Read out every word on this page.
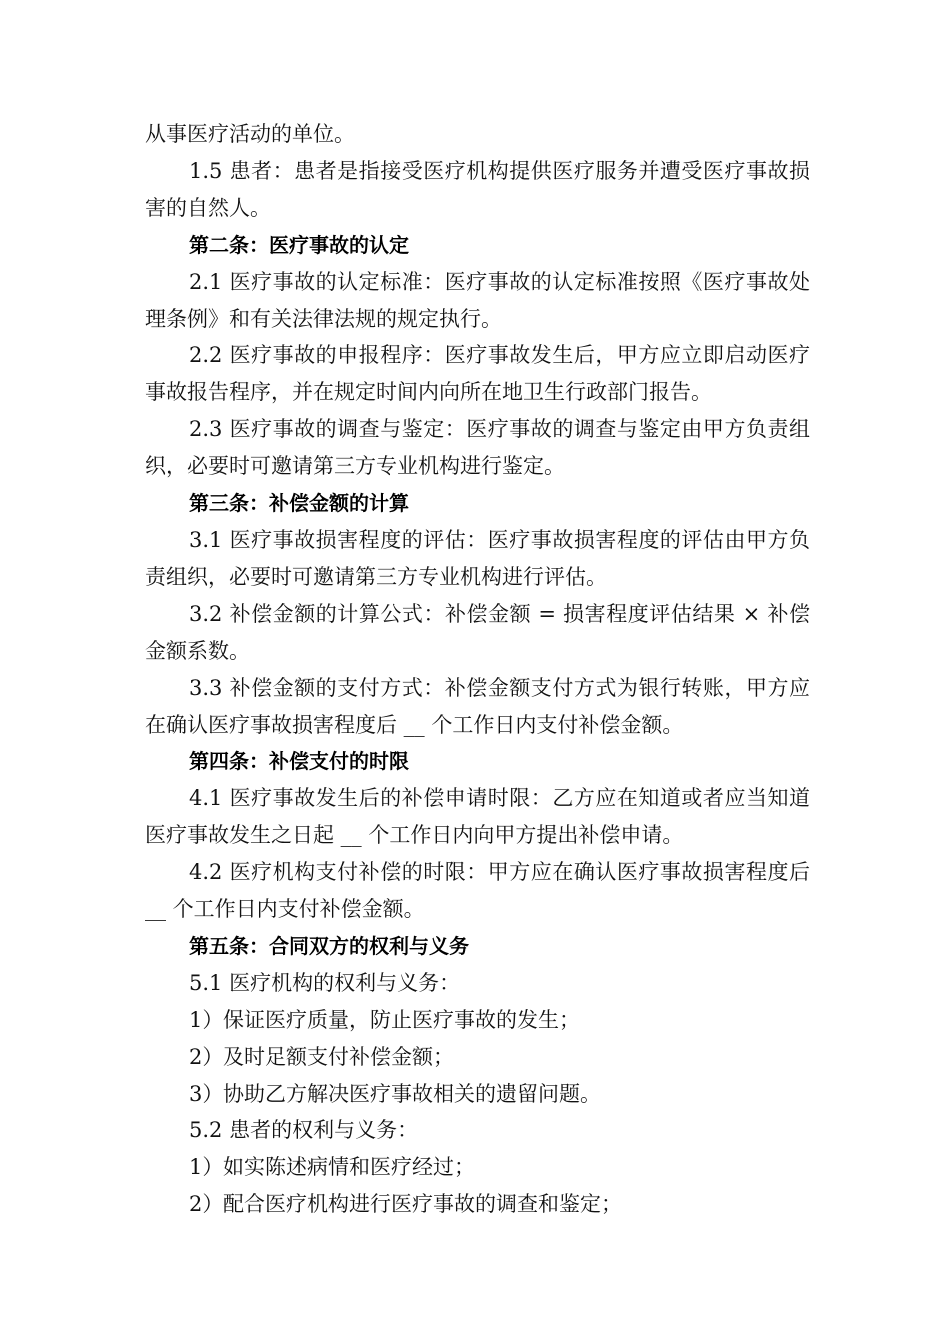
从事医疗活动的单位。

1.5 患者：患者是指接受医疗机构提供医疗服务并遭受医疗事故损害的自然人。

第二条：医疗事故的认定

2.1 医疗事故的认定标准：医疗事故的认定标准按照《医疗事故处理条例》和有关法律法规的规定执行。

2.2 医疗事故的申报程序：医疗事故发生后，甲方应立即启动医疗事故报告程序，并在规定时间内向所在地卫生行政部门报告。

2.3 医疗事故的调查与鉴定：医疗事故的调查与鉴定由甲方负责组织，必要时可邀请第三方专业机构进行鉴定。

第三条：补偿金额的计算

3.1 医疗事故损害程度的评估：医疗事故损害程度的评估由甲方负责组织，必要时可邀请第三方专业机构进行评估。

3.2 补偿金额的计算公式：补偿金额 = 损害程度评估结果 × 补偿金额系数。

3.3 补偿金额的支付方式：补偿金额支付方式为银行转账，甲方应在确认医疗事故损害程度后 __ 个工作日内支付补偿金额。

第四条：补偿支付的时限

4.1 医疗事故发生后的补偿申请时限：乙方应在知道或者应当知道医疗事故发生之日起 __ 个工作日内向甲方提出补偿申请。

4.2 医疗机构支付补偿的时限：甲方应在确认医疗事故损害程度后 __ 个工作日内支付补偿金额。

第五条：合同双方的权利与义务

5.1 医疗机构的权利与义务：

1）保证医疗质量，防止医疗事故的发生；

2）及时足额支付补偿金额；

3）协助乙方解决医疗事故相关的遗留问题。

5.2 患者的权利与义务：

1）如实陈述病情和医疗经过；

2）配合医疗机构进行医疗事故的调查和鉴定；
